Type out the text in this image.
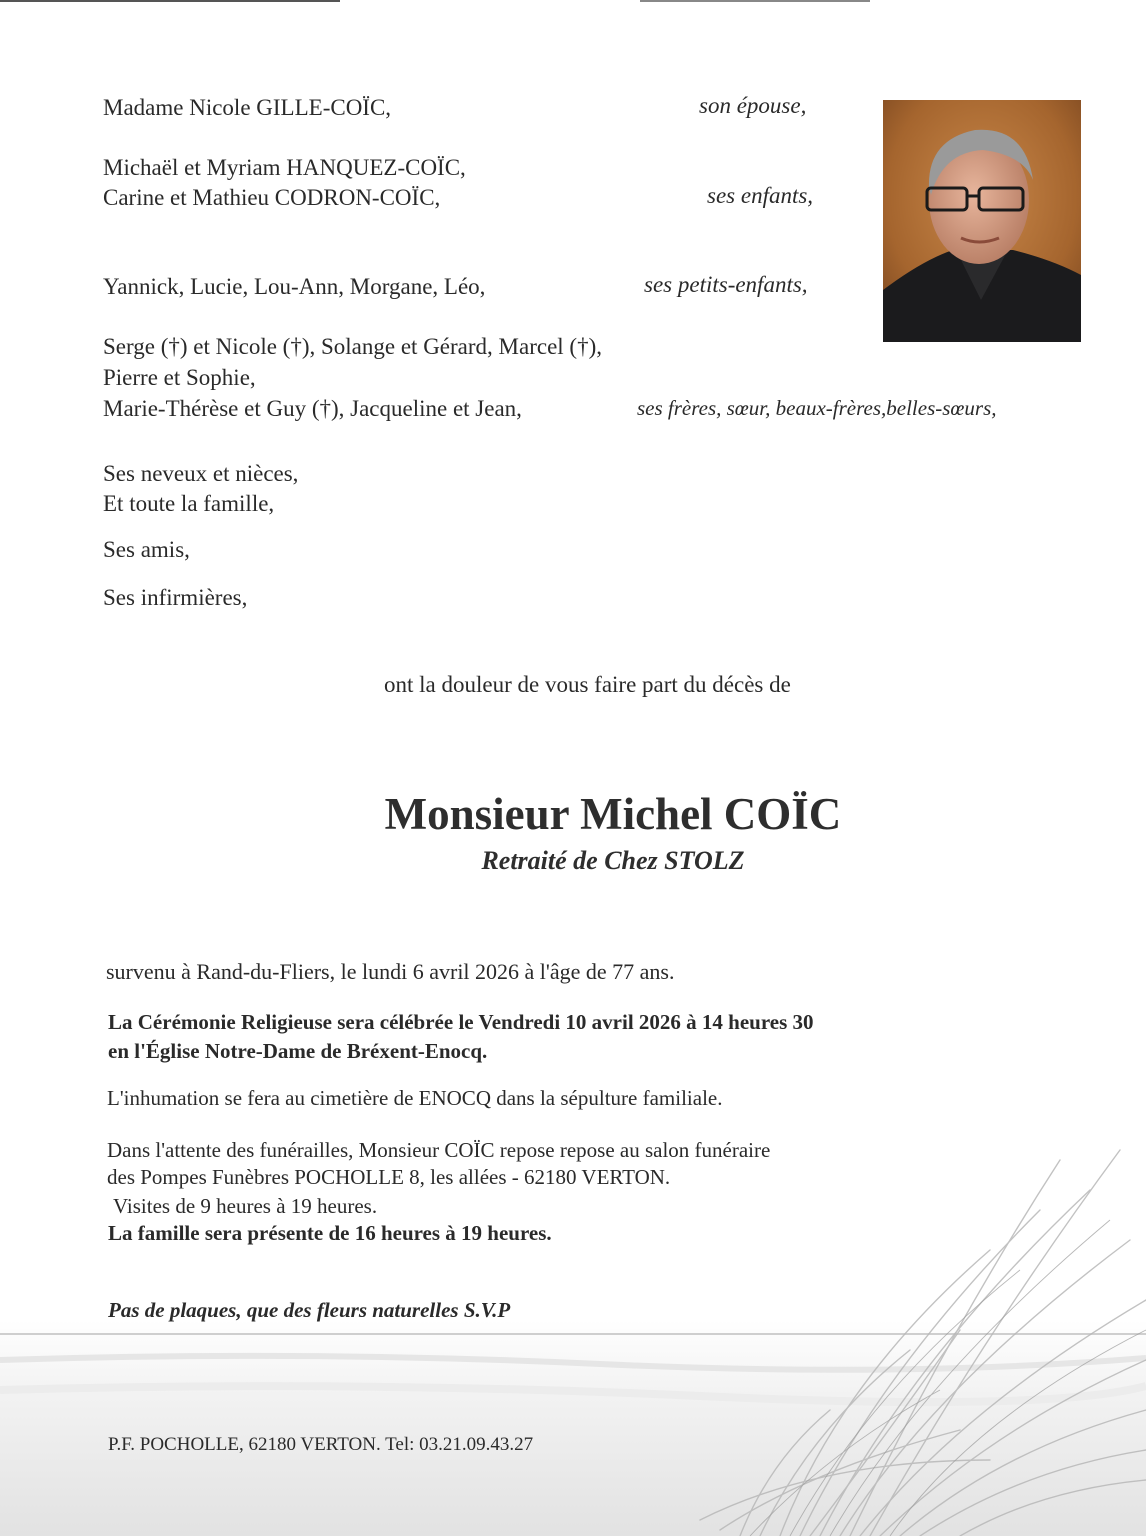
Madame Nicole GILLE-COÏC,	son épouse,
Michaël et Myriam HANQUEZ-COÏC,
Carine et Mathieu CODRON-COÏC,	ses enfants,
Yannick, Lucie, Lou-Ann, Morgane, Léo,	ses petits-enfants,
Serge (†) et Nicole (†), Solange et Gérard, Marcel (†),
Pierre et Sophie,
Marie-Thérèse et Guy (†), Jacqueline et Jean,	ses frères, sœur, beaux-frères,belles-sœurs,
Ses neveux et nièces,
Et toute la famille,
Ses amis,
Ses infirmières,
ont la douleur de vous faire part du décès de
Monsieur Michel COÏC
Retraité de Chez STOLZ
survenu à Rand-du-Fliers, le lundi 6 avril 2026 à l'âge de 77 ans.
La Cérémonie Religieuse sera célébrée le Vendredi 10 avril 2026 à 14 heures 30
en l'Église Notre-Dame de Bréxent-Enocq.
L'inhumation se fera au cimetière de ENOCQ dans la sépulture familiale.
Dans l'attente des funérailles, Monsieur COÏC repose repose au salon funéraire
des Pompes Funèbres POCHOLLE 8, les allées - 62180 VERTON.
Visites de 9 heures à 19 heures.
La famille sera présente de 16 heures à 19 heures.
Pas de plaques, que des fleurs naturelles S.V.P
P.F. POCHOLLE, 62180 VERTON. Tel: 03.21.09.43.27
